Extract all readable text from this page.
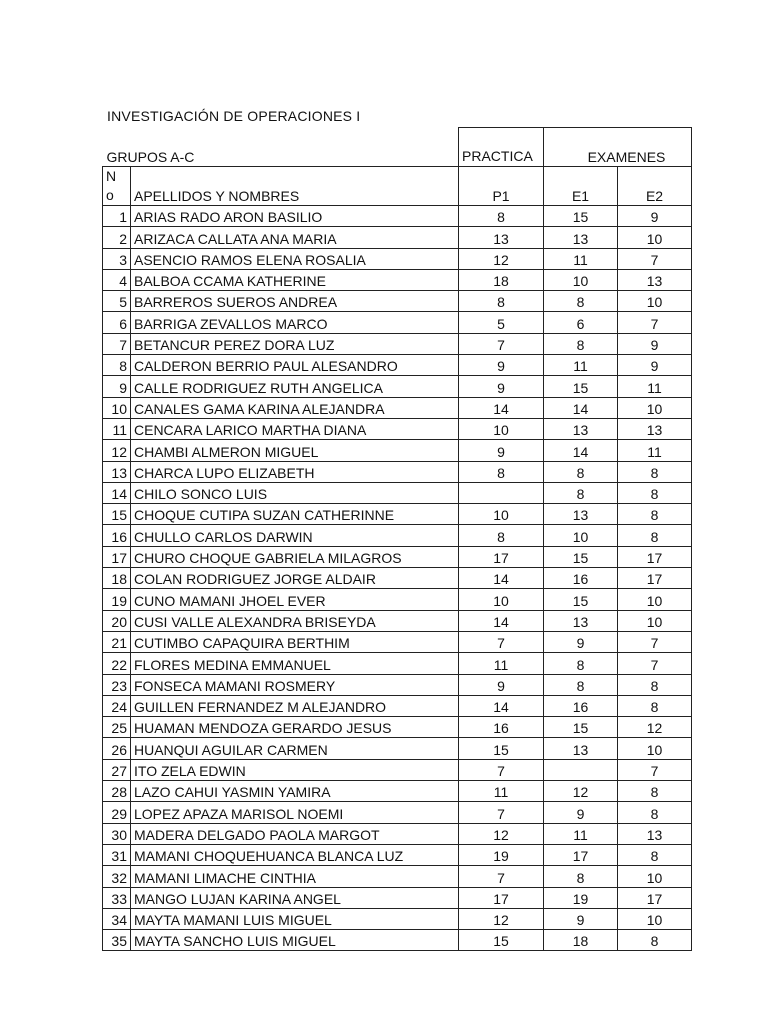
INVESTIGACIÓN DE OPERACIONES I
GRUPOS A-C		PRACTICA	EXAMENES	

No	APELLIDOS Y NOMBRES	P1	E1	E2
1	ARIAS RADO ARON BASILIO	8	15	9
2	ARIZACA CALLATA ANA MARIA	13	13	10
3	ASENCIO RAMOS ELENA ROSALIA	12	11	7
4	BALBOA CCAMA KATHERINE	18	10	13
5	BARREROS SUEROS ANDREA	8	8	10
6	BARRIGA ZEVALLOS MARCO	5	6	7
7	BETANCUR PEREZ DORA LUZ	7	8	9
8	CALDERON BERRIO PAUL ALESANDRO	9	11	9
9	CALLE RODRIGUEZ RUTH ANGELICA	9	15	11
10	CANALES GAMA KARINA ALEJANDRA	14	14	10
11	CENCARA LARICO MARTHA DIANA	10	13	13
12	CHAMBI ALMERON MIGUEL	9	14	11
13	CHARCA LUPO ELIZABETH	8	8	8
14	CHILO SONCO LUIS		8	8
15	CHOQUE CUTIPA SUZAN CATHERINNE	10	13	8
16	CHULLO CARLOS DARWIN	8	10	8
17	CHURO CHOQUE GABRIELA MILAGROS	17	15	17
18	COLAN RODRIGUEZ JORGE ALDAIR	14	16	17
19	CUNO MAMANI JHOEL EVER	10	15	10
20	CUSI VALLE ALEXANDRA BRISEYDA	14	13	10
21	CUTIMBO CAPAQUIRA BERTHIM	7	9	7
22	FLORES MEDINA EMMANUEL	11	8	7
23	FONSECA MAMANI ROSMERY	9	8	8
24	GUILLEN FERNANDEZ M ALEJANDRO	14	16	8
25	HUAMAN MENDOZA GERARDO JESUS	16	15	12
26	HUANQUI AGUILAR CARMEN	15	13	10
27	ITO ZELA EDWIN	7		7
28	LAZO CAHUI YASMIN YAMIRA	11	12	8
29	LOPEZ APAZA MARISOL NOEMI	7	9	8
30	MADERA DELGADO PAOLA MARGOT	12	11	13
31	MAMANI CHOQUEHUANCA BLANCA LUZ	19	17	8
32	MAMANI LIMACHE CINTHIA	7	8	10
33	MANGO LUJAN KARINA ANGEL	17	19	17
34	MAYTA MAMANI LUIS MIGUEL	12	9	10
35	MAYTA SANCHO LUIS MIGUEL	15	18	8
